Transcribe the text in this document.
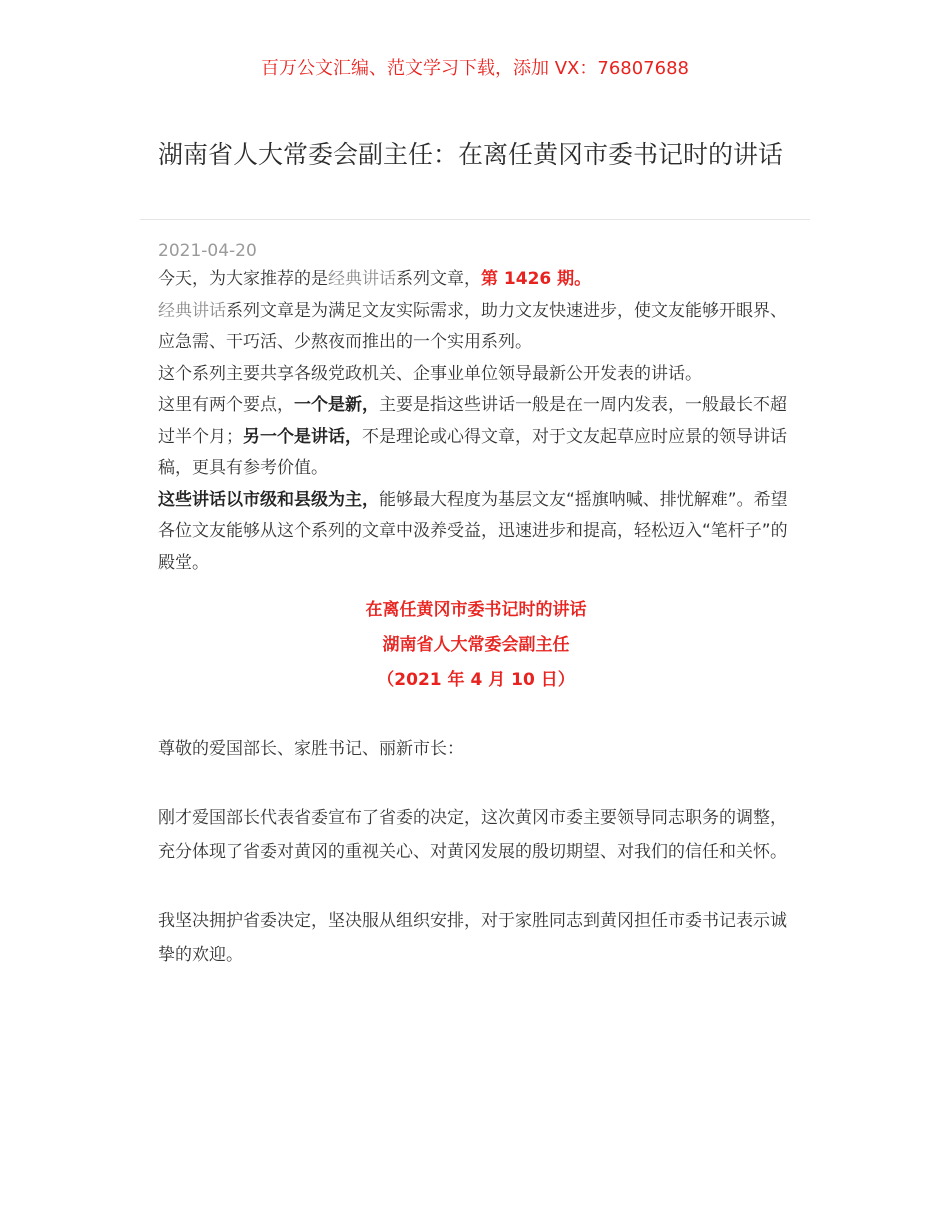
百万公文汇编、范文学习下载，添加 VX：76807688
湖南省人大常委会副主任：在离任黄冈市委书记时的讲话
2021-04-20

今天，为大家推荐的是经典讲话系列文章，第 1426 期。

经典讲话系列文章是为满足文友实际需求，助力文友快速进步，使文友能够开眼界、应急需、干巧活、少熬夜而推出的一个实用系列。

这个系列主要共享各级党政机关、企事业单位领导最新公开发表的讲话。

这里有两个要点，一个是新，主要是指这些讲话一般是在一周内发表，一般最长不超过半个月；另一个是讲话，不是理论或心得文章，对于文友起草应时应景的领导讲话稿，更具有参考价值。

这些讲话以市级和县级为主，能够最大程度为基层文友“摇旗呐喊、排忧解难”。希望各位文友能够从这个系列的文章中汲养受益，迅速进步和提高，轻松迈入“笔杆子”的殿堂。

在离任黄冈市委书记时的讲话

湖南省人大常委会副主任

（2021 年 4 月 10 日）

尊敬的爱国部长、家胜书记、丽新市长：

刚才爱国部长代表省委宣布了省委的决定，这次黄冈市委主要领导同志职务的调整，充分体现了省委对黄冈的重视关心、对黄冈发展的殷切期望、对我们的信任和关怀。

我坚决拥护省委决定，坚决服从组织安排，对于家胜同志到黄冈担任市委书记表示诚挚的欢迎。
